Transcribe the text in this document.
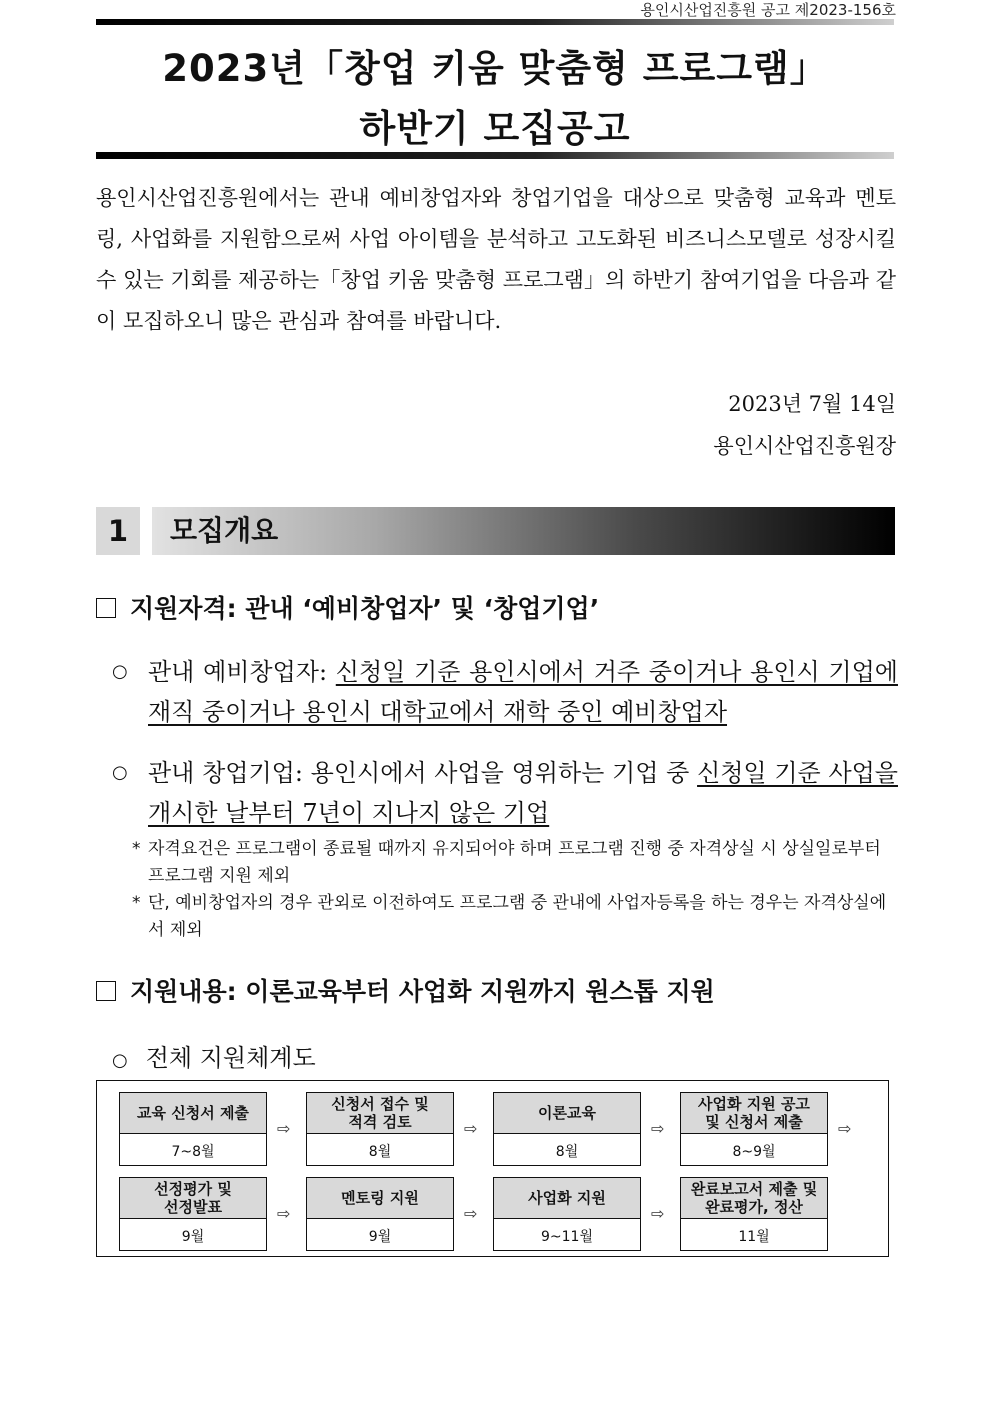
용인시산업진흥원 공고 제2023-156호
2023년「창업 키움 맞춤형 프로그램」
하반기 모집공고
용인시산업진흥원에서는 관내 예비창업자와 창업기업을 대상으로 맞춤형 교육과 멘토링, 사업화를 지원함으로써 사업 아이템을 분석하고 고도화된 비즈니스모델로 성장시킬 수 있는 기회를 제공하는「창업 키움 맞춤형 프로그램」의 하반기 참여기업을 다음과 같이 모집하오니 많은 관심과 참여를 바랍니다.
2023년 7월 14일
용인시산업진흥원장
1	모집개요
지원자격: 관내 ‘예비창업자’ 및 ‘창업기업’
○ 관내 예비창업자: 신청일 기준 용인시에서 거주 중이거나 용인시 기업에 재직 중이거나 용인시 대학교에서 재학 중인 예비창업자
○ 관내 창업기업: 용인시에서 사업을 영위하는 기업 중 신청일 기준 사업을 개시한 날부터 7년이 지나지 않은 기업
* 자격요건은 프로그램이 종료될 때까지 유지되어야 하며 프로그램 진행 중 자격상실 시 상실일로부터 프로그램 지원 제외
* 단, 예비창업자의 경우 관외로 이전하여도 프로그램 중 관내에 사업자등록을 하는 경우는 자격상실에서 제외
지원내용: 이론교육부터 사업화 지원까지 원스톱 지원
○ 전체 지원체계도
교육 신청서 제출
7~8월
⇨
신청서 접수 및
적격 검토
8월
⇨
이론교육
8월
⇨
사업화 지원 공고
및 신청서 제출
8~9월
⇨
선정평가 및
선정발표
9월
⇨
멘토링 지원
9월
⇨
사업화 지원
9~11월
⇨
완료보고서 제출 및
완료평가, 정산
11월
